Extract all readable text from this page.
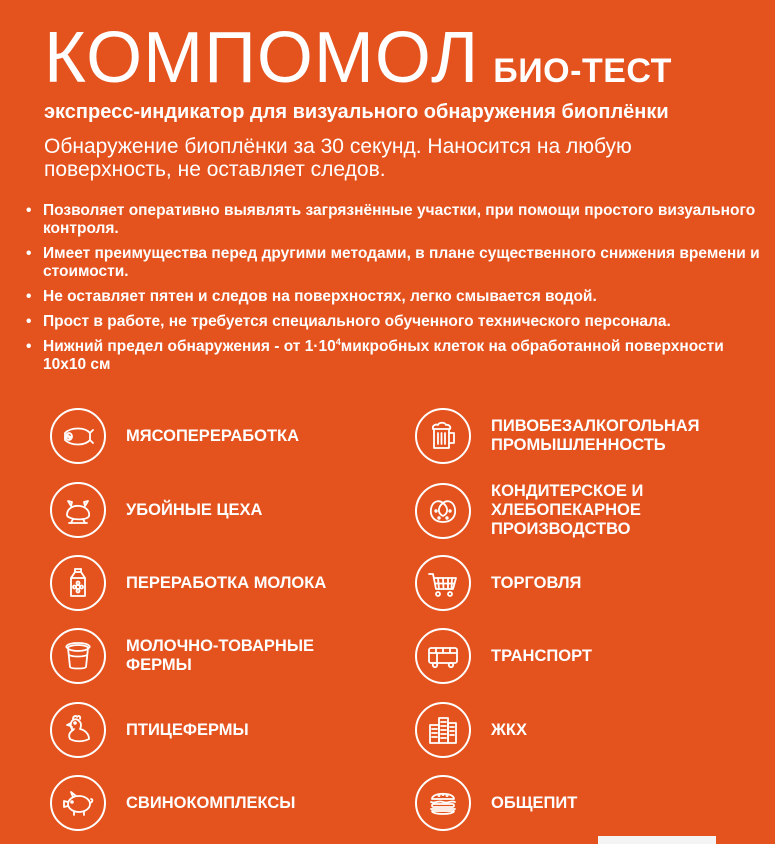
КОМПОМОЛ БИО-ТЕСТ
экспресс-индикатор для визуального обнаружения биоплёнки
Обнаружение биоплёнки за 30 секунд. Наносится на любую поверхность, не оставляет следов.
• Позволяет оперативно выявлять загрязнённые участки, при помощи простого визуального контроля.
• Имеет преимущества перед другими методами, в плане существенного снижения времени и стоимости.
• Не оставляет пятен и следов на поверхностях, легко смывается водой.
• Прост в работе, не требуется специального обученного технического персонала.
• Нижний предел обнаружения - от $1\cdot 10^4микробных$ клеток на обработанной поверхности 10х10 см
МЯСОПЕРЕРАБОТКА
УБОЙНЫЕ ЦЕХА
ПЕРЕРАБОТКА МОЛОКА
МОЛОЧНО-ТОВАРНЫЕ ФЕРМЫ
ПТИЦЕФЕРМЫ
СВИНОКОМПЛЕКСЫ
ПИВОБЕЗАЛКОГОЛЬНАЯ ПРОМЫШЛЕННОСТЬ
КОНДИТЕРСКОЕ И ХЛЕБОПЕКАРНОЕ ПРОИЗВОДСТВО
ТОРГОВЛЯ
ТРАНСПОРТ
ЖКХ
ОБЩЕПИТ
